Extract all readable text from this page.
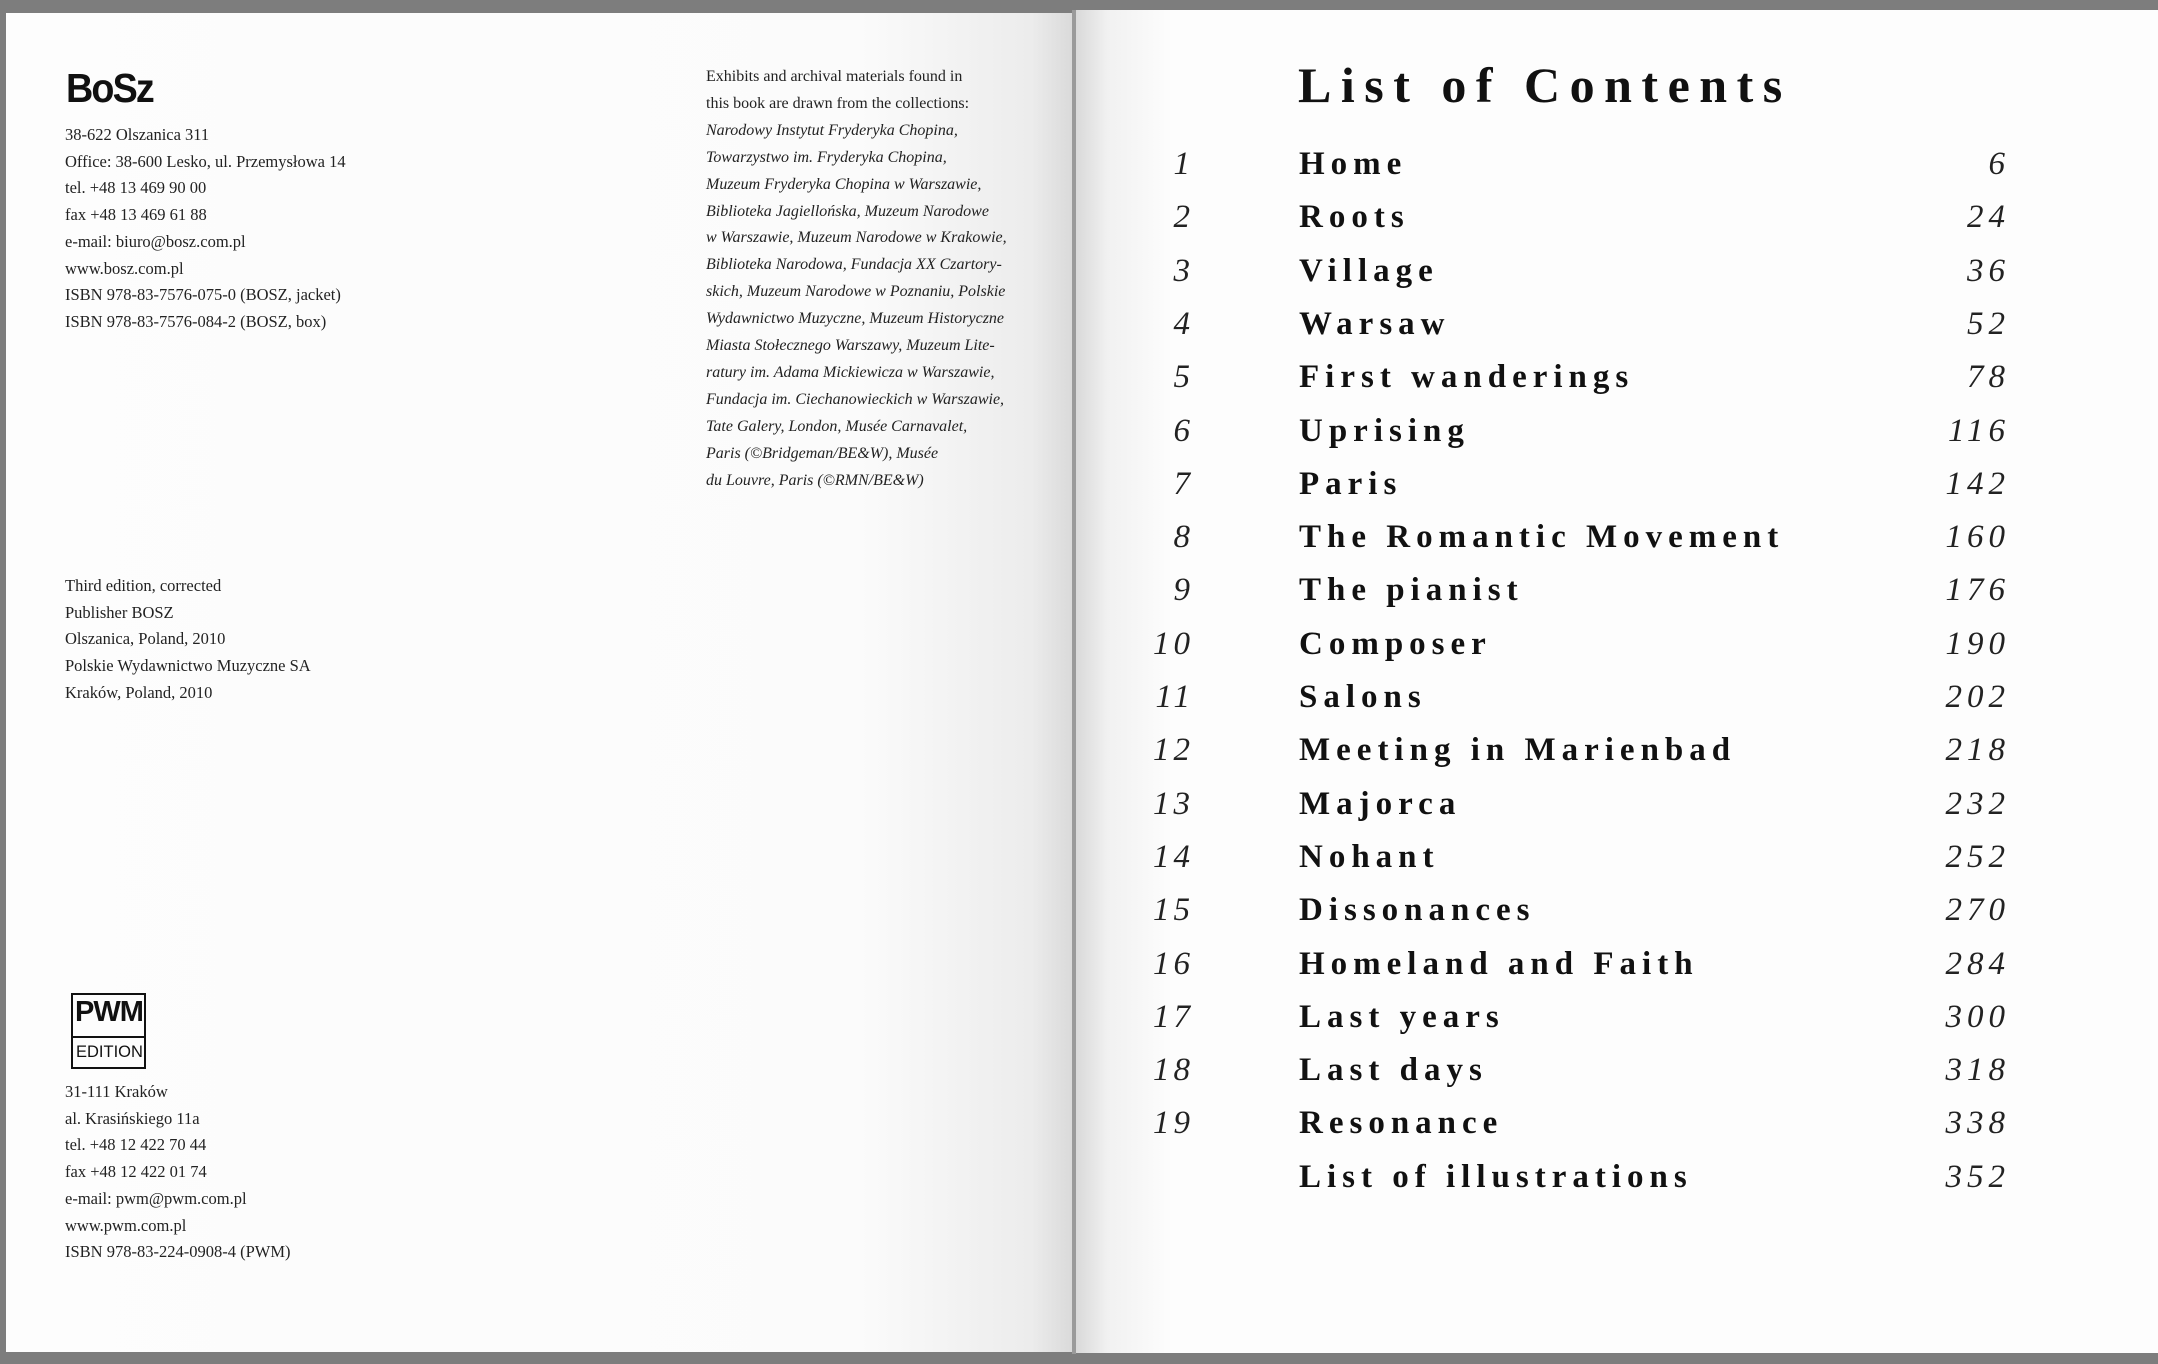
BoSz
38-622 Olszanica 311
Office: 38-600 Lesko, ul. Przemysłowa 14
tel. +48 13 469 90 00
fax +48 13 469 61 88
e-mail: biuro@bosz.com.pl
www.bosz.com.pl
ISBN 978-83-7576-075-0 (BOSZ, jacket)
ISBN 978-83-7576-084-2 (BOSZ, box)
Exhibits and archival materials found in
this book are drawn from the collections:
Narodowy Instytut Fryderyka Chopina,
Towarzystwo im. Fryderyka Chopina,
Muzeum Fryderyka Chopina w Warszawie,
Biblioteka Jagiellońska, Muzeum Narodowe
w Warszawie, Muzeum Narodowe w Krakowie,
Biblioteka Narodowa, Fundacja XX Czartory-
skich, Muzeum Narodowe w Poznaniu, Polskie
Wydawnictwo Muzyczne, Muzeum Historyczne
Miasta Stołecznego Warszawy, Muzeum Lite-
ratury im. Adama Mickiewicza w Warszawie,
Fundacja im. Ciechanowieckich w Warszawie,
Tate Galery, London, Musée Carnavalet,
Paris (©Bridgeman/BE&W), Musée
du Louvre, Paris (©RMN/BE&W)
Third edition, corrected
Publisher BOSZ
Olszanica, Poland, 2010
Polskie Wydawnictwo Muzyczne SA
Kraków, Poland, 2010
PWM
EDITION
31-111 Kraków
al. Krasińskiego 11a
tel. +48 12 422 70 44
fax +48 12 422 01 74
e-mail: pwm@pwm.com.pl
www.pwm.com.pl
ISBN 978-83-224-0908-4 (PWM)
List of Contents
1	Home	6
2	Roots	24
3	Village	36
4	Warsaw	52
5	First wanderings	78
6	Uprising	116
7	Paris	142
8	The Romantic Movement	160
9	The pianist	176
10	Composer	190
11	Salons	202
12	Meeting in Marienbad	218
13	Majorca	232
14	Nohant	252
15	Dissonances	270
16	Homeland and Faith	284
17	Last years	300
18	Last days	318
19	Resonance	338
List of illustrations	352
